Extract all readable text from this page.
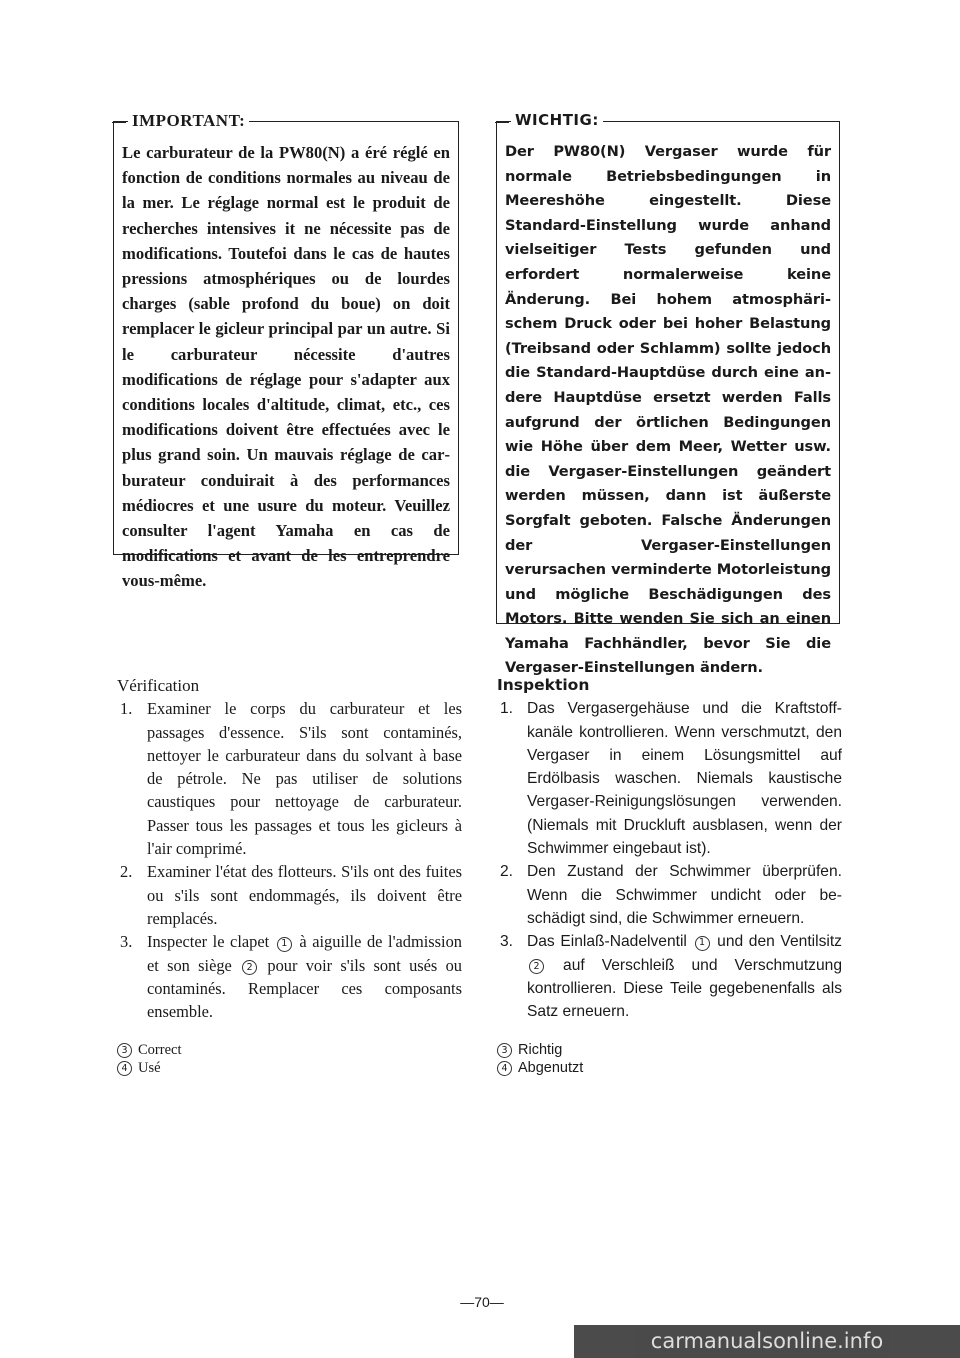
IMPORTANT:
Le carburateur de la PW80(N) a éré réglé en fonction de conditions normales au niveau de la mer. Le réglage normal est le produit de recherches intensives it ne nécessite pas de modifications. Toutefoi dans le cas de hautes pressions atmosphériques ou de lourdes charges (sable profond du boue) on doit remplacer le gicleur principal par un autre. Si le carburateur nécessite d'autres modifications de réglage pour s'adapter aux conditions locales d'altitude, climat, etc., ces modifications doivent être effectuées avec le plus grand soin. Un mauvais réglage de carburateur conduirait à des performances médiocres et une usure du moteur. Veuillez consulter l'agent Yamaha en cas de modifications et avant de les entreprendre vous-même.
WICHTIG:
Der PW80(N) Vergaser wurde für normale Betriebsbedingungen in Meereshöhe eingestellt. Diese Standard-Einstellung wurde anhand vielseitiger Tests gefunden und erfordert normalerweise keine Änderung. Bei hohem atmosphärischem Druck oder bei hoher Belastung (Treibsand oder Schlamm) sollte jedoch die Standard-Hauptdüse durch eine andere Hauptdüse ersetzt werden Falls aufgrund der örtlichen Bedingungen wie Höhe über dem Meer, Wetter usw. die Vergaser-Einstellungen geändert werden müssen, dann ist äußerste Sorgfalt geboten. Falsche Änderungen der Vergaser-Einstellungen verursachen verminderte Motorleistung und mögliche Beschädigungen des Motors. Bitte wenden Sie sich an einen Yamaha Fachhändler, bevor Sie die Vergaser-Einstellungen ändern.
Vérification
1. Examiner le corps du carburateur et les passages d'essence. S'ils sont contaminés, nettoyer le carburateur dans du solvant à base de pétrole. Ne pas utiliser de solutions caustiques pour nettoyage de carburateur. Passer tous les passages et tous les gicleurs à l'air comprimé.
2. Examiner l'état des flotteurs. S'ils ont des fuites ou s'ils sont endommagés, ils doivent être remplacés.
3. Inspecter le clapet 1 à aiguille de l'admission et son siège 2 pour voir s'ils sont usés ou contaminés. Remplacer ces composants ensemble.
3 Correct
4 Usé
Inspektion
1. Das Vergasergehäuse und die Kraftstoffkanäle kontrollieren. Wenn verschmutzt, den Vergaser in einem Lösungsmittel auf Erdölbasis waschen. Niemals kaustische Vergaser-Reinigungslösungen verwenden. (Niemals mit Druckluft ausblasen, wenn der Schwimmer eingebaut ist).
2. Den Zustand der Schwimmer überprüfen. Wenn die Schwimmer undicht oder beschädigt sind, die Schwimmer erneuern.
3. Das Einlaß-Nadelventil 1 und den Ventilsitz 2 auf Verschleiß und Verschmutzung kontrollieren. Diese Teile gegebenenfalls als Satz erneuern.
3 Richtig
4 Abgenutzt
—70—
carmanualsonline.info
